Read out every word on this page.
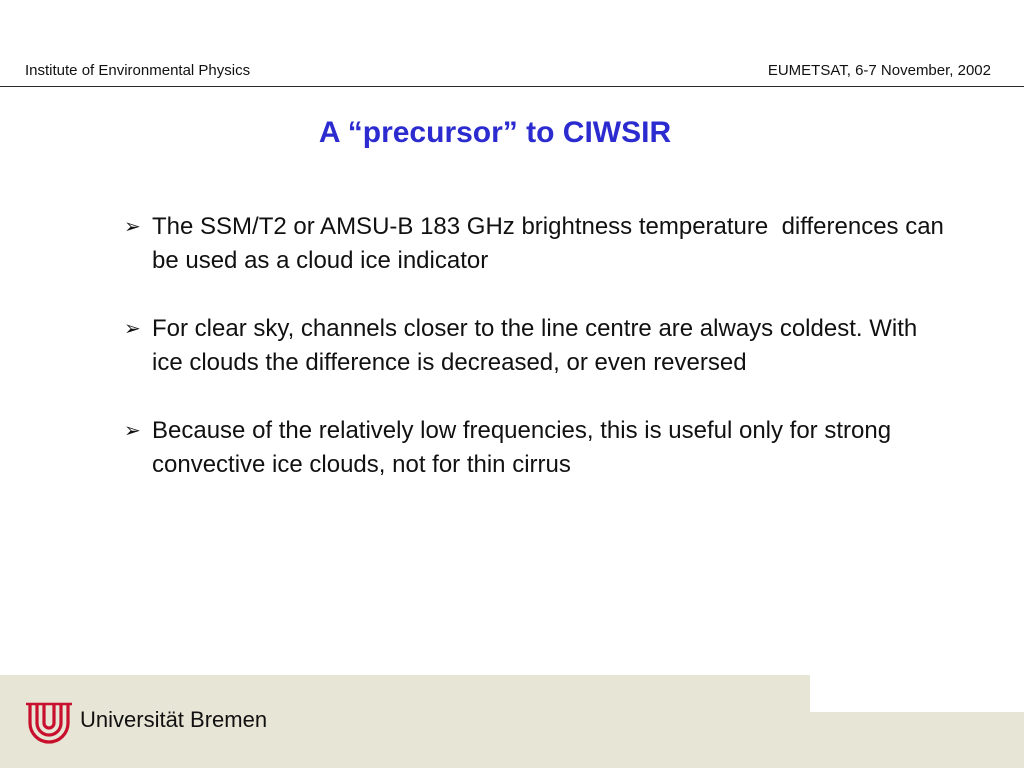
Institute of Environmental Physics	EUMETSAT, 6-7 November, 2002
A “precursor” to CIWSIR
➢ The SSM/T2 or AMSU-B 183 GHz brightness temperature  differences can be used as a cloud ice indicator
➢ For clear sky, channels closer to the line centre are always coldest. With ice clouds the difference is decreased, or even reversed
➢ Because of the relatively low frequencies, this is useful only for strong convective ice clouds, not for thin cirrus
Universität Bremen
